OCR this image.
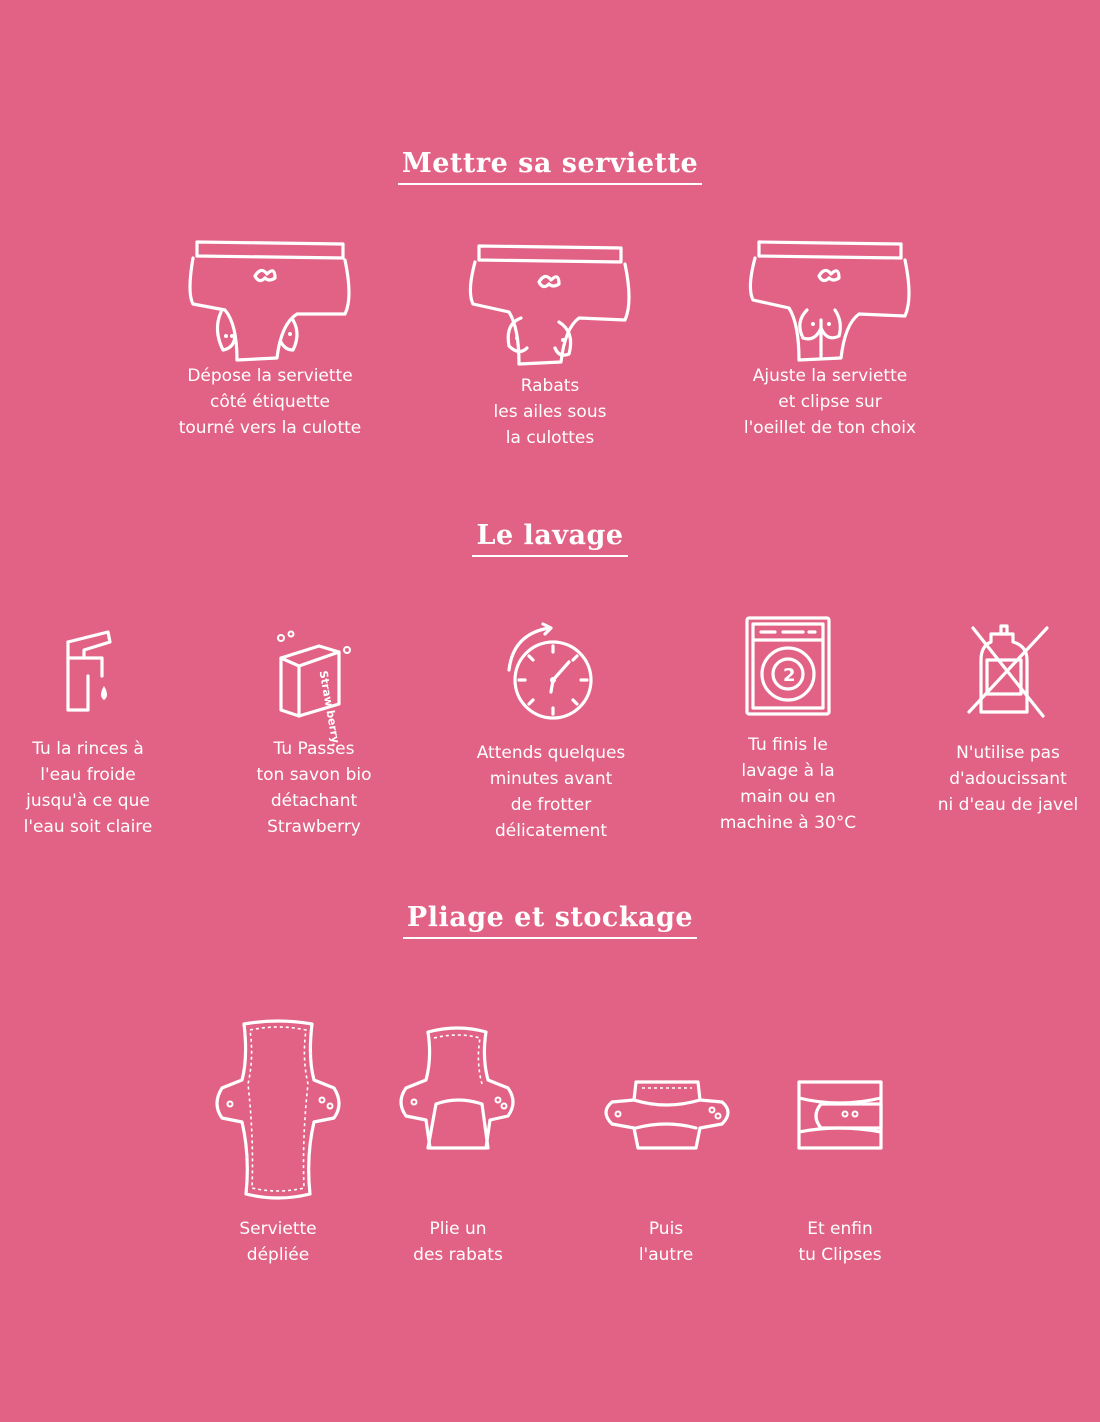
Mettre sa serviette
Dépose la serviette
côté étiquette
tourné vers la culotte
Rabats
les ailes sous
la culottes
Ajuste la serviette
et clipse sur
l'oeillet de ton choix
Le lavage
Tu la rinces à
l'eau froide
jusqu'à ce que
l'eau soit claire
Straw berry.
Tu Passes
ton savon bio
détachant
Strawberry
Attends quelques
minutes avant
de frotter
délicatement
2
Tu finis le
lavage à la
main ou en
machine à 30°C
N'utilise pas
d'adoucissant
ni d'eau de javel
Pliage et stockage
Serviette
dépliée
Plie un
des rabats
Puis
l'autre
Et enfin
tu Clipses
